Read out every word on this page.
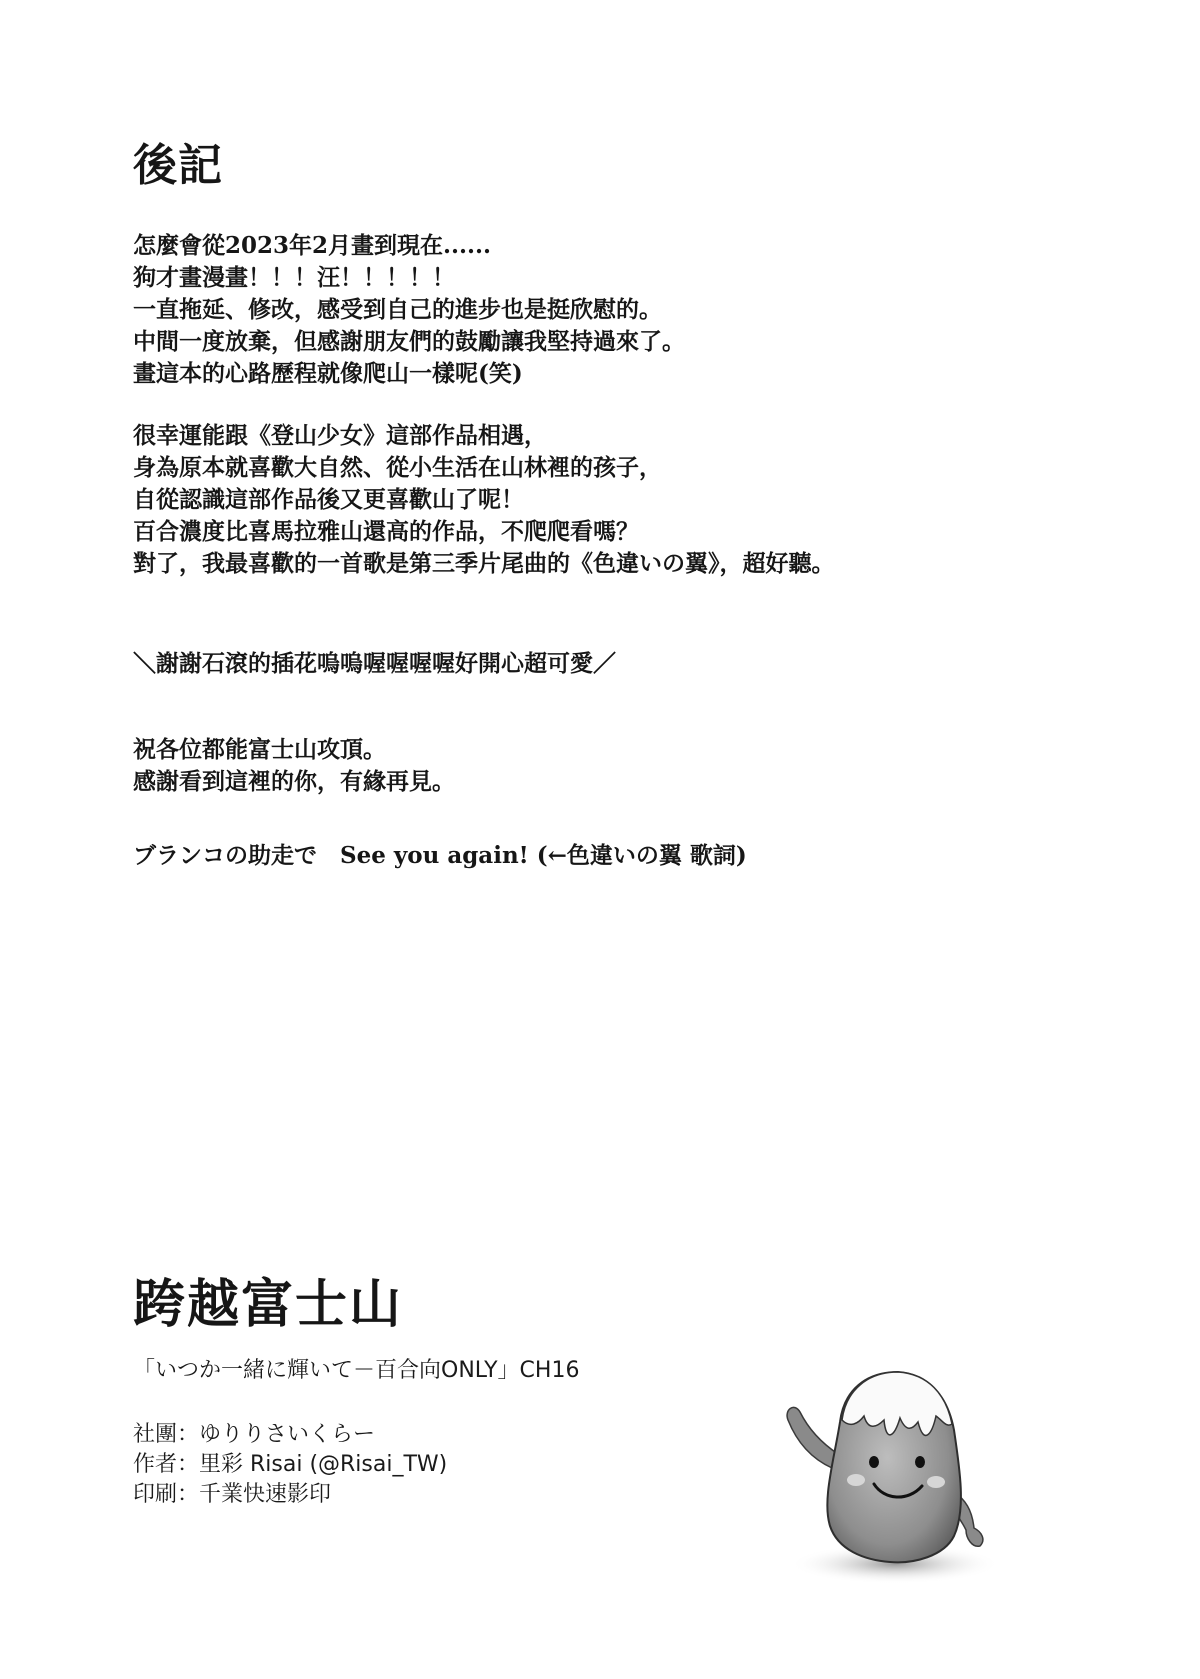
後記
怎麼會從2023年2月畫到現在......
狗才畫漫畫！！！汪！！！！！
一直拖延、修改，感受到自己的進步也是挺欣慰的。
中間一度放棄，但感謝朋友們的鼓勵讓我堅持過來了。
畫這本的心路歷程就像爬山一樣呢(笑)
很幸運能跟《登山少女》這部作品相遇，
身為原本就喜歡大自然、從小生活在山林裡的孩子，
自從認識這部作品後又更喜歡山了呢！
百合濃度比喜馬拉雅山還高的作品，不爬爬看嗎？
對了，我最喜歡的一首歌是第三季片尾曲的《色違いの翼》，超好聽。
＼謝謝石滾的插花嗚嗚喔喔喔喔好開心超可愛／
祝各位都能富士山攻頂。
感謝看到這裡的你，有緣再見。
ブランコの助走で　See you again! (←色違いの翼 歌詞)
跨越富士山
「いつか一緒に輝いて－百合向ONLY」CH16
社團：ゆりりさいくらー
作者：里彩 Risai (@Risai_TW)
印刷：千業快速影印
